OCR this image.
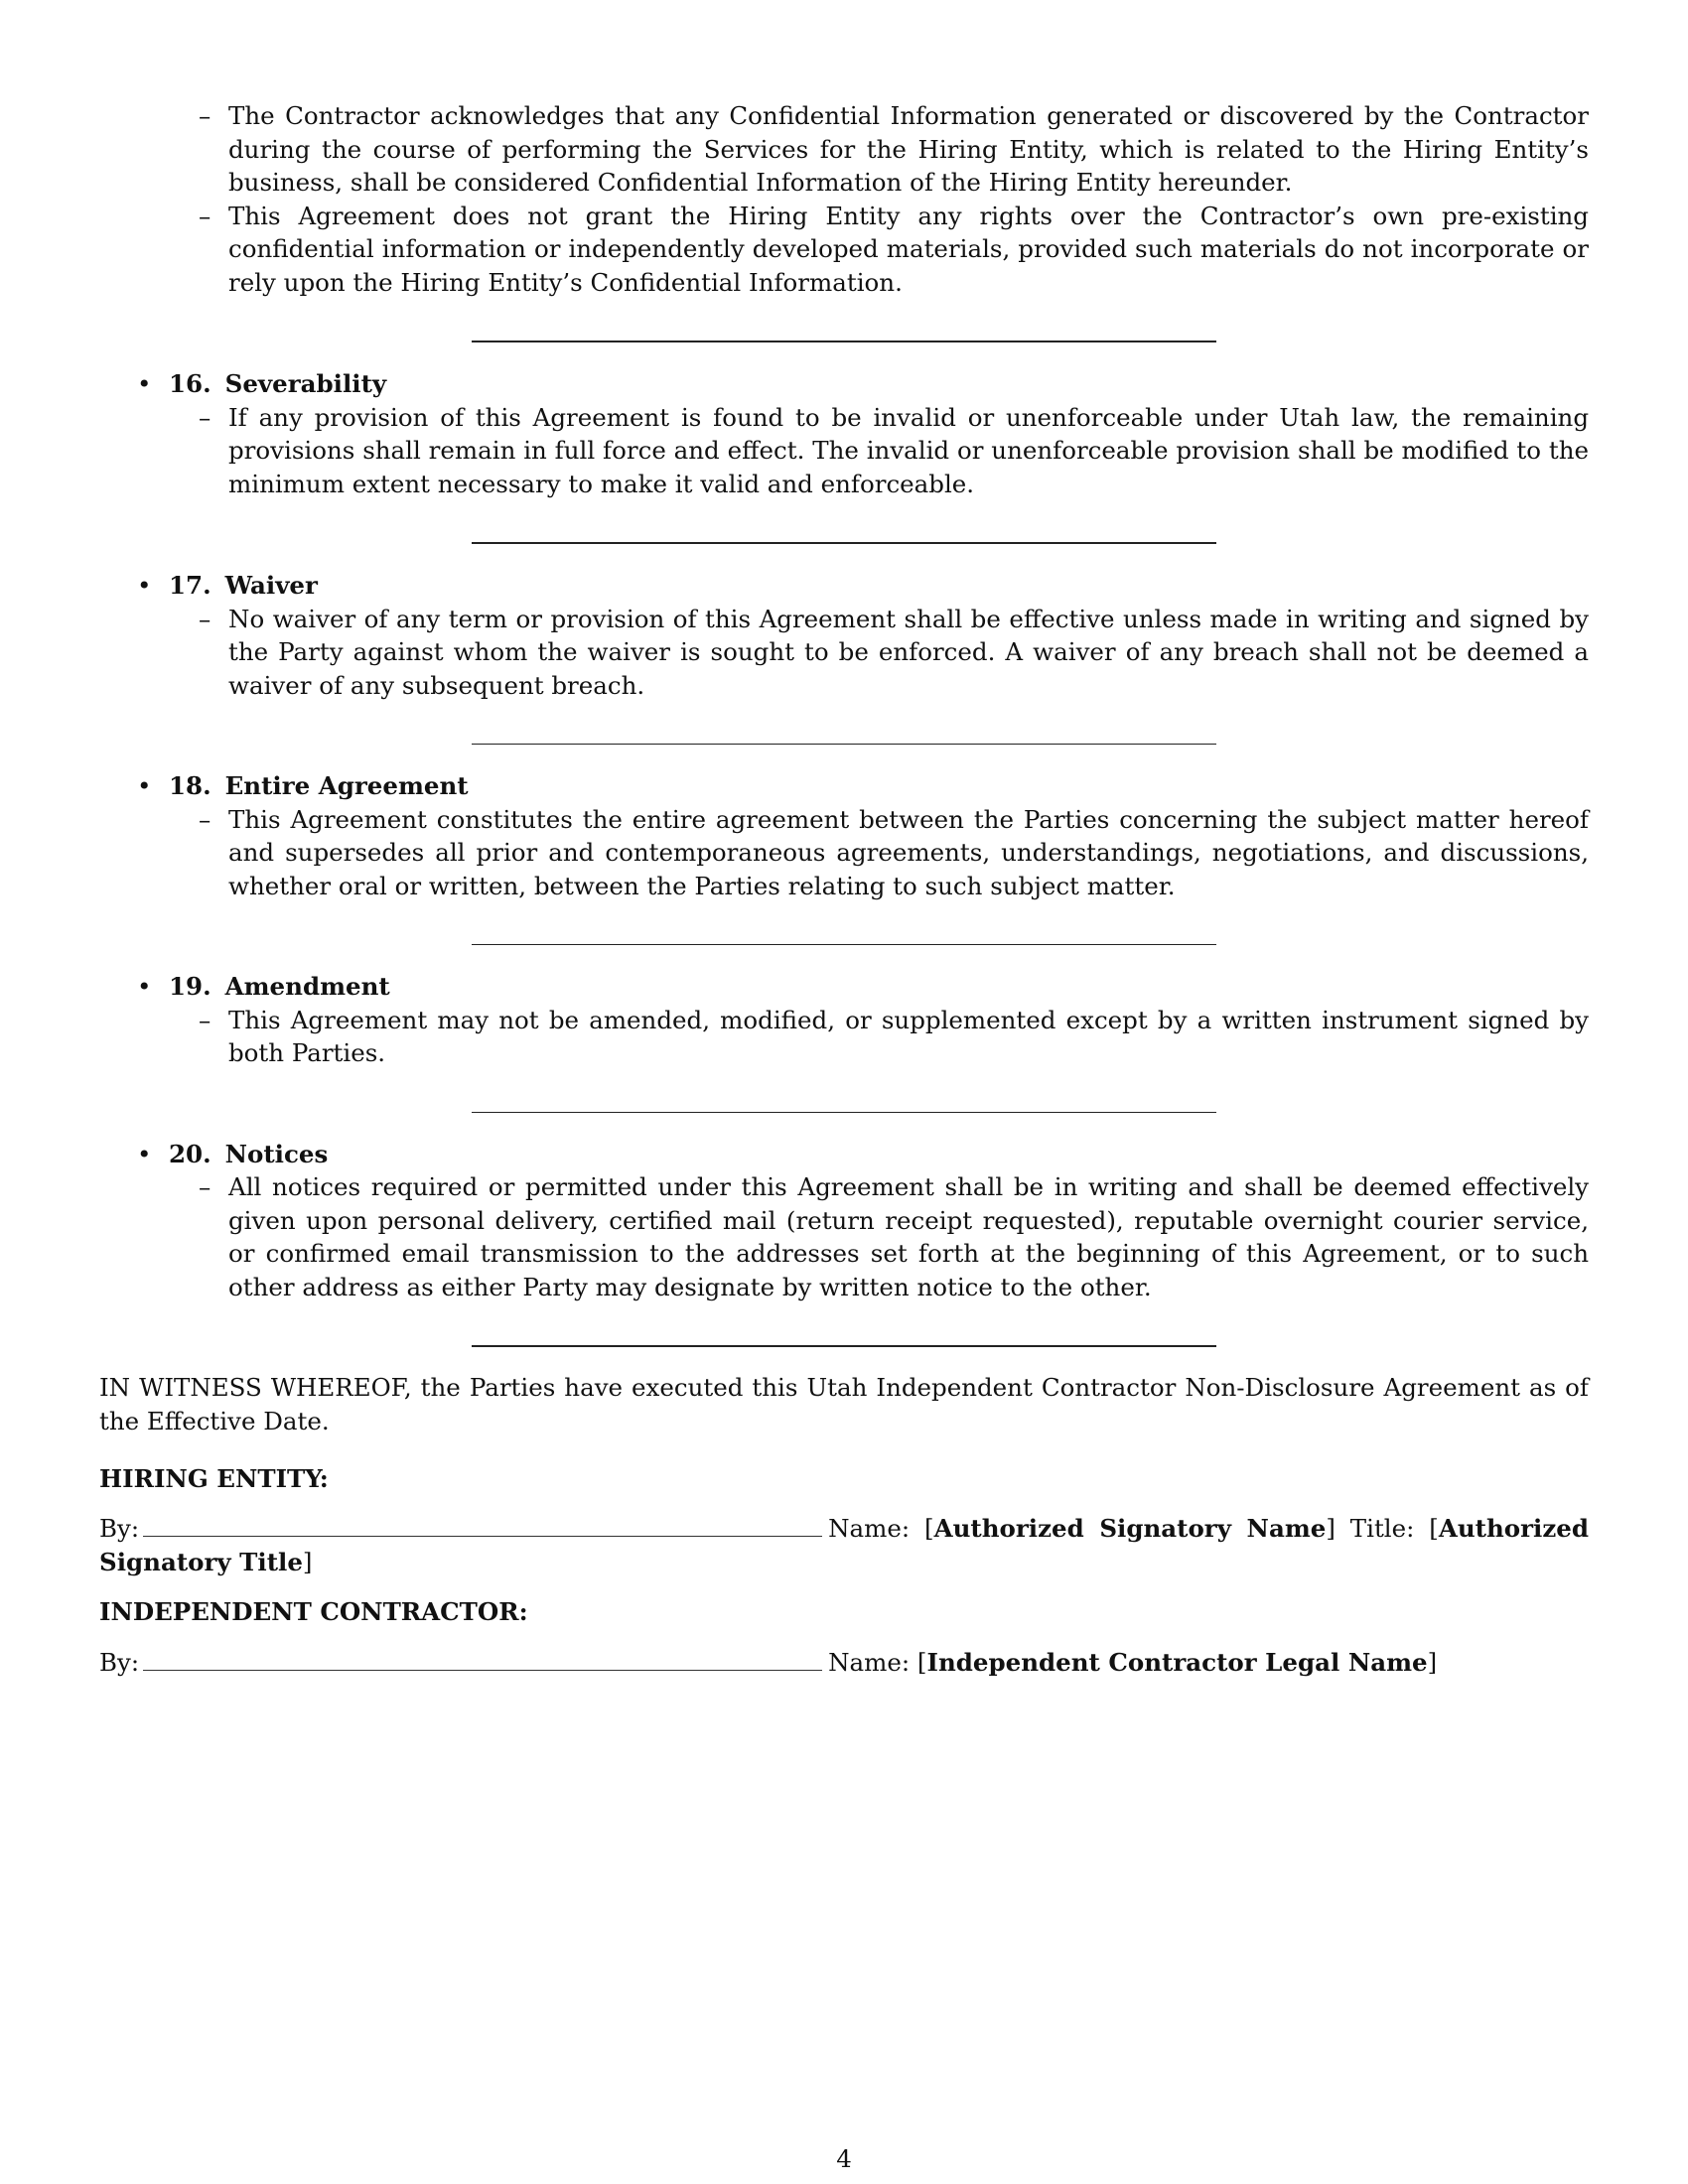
– The Contractor acknowledges that any Confidential Information generated or discovered by the Contractor during the course of performing the Services for the Hiring Entity, which is related to the Hiring Entity’s business, shall be considered Confidential Information of the Hiring Entity hereunder.

– This Agreement does not grant the Hiring Entity any rights over the Contractor’s own pre-existing confidential information or independently developed materials, provided such materials do not incorporate or rely upon the Hiring Entity’s Confidential Information.

• 16. Severability

– If any provision of this Agreement is found to be invalid or unenforceable under Utah law, the remaining provisions shall remain in full force and effect. The invalid or unenforceable provision shall be modified to the minimum extent necessary to make it valid and enforceable.

• 17. Waiver

– No waiver of any term or provision of this Agreement shall be effective unless made in writing and signed by the Party against whom the waiver is sought to be enforced. A waiver of any breach shall not be deemed a waiver of any subsequent breach.

• 18. Entire Agreement

– This Agreement constitutes the entire agreement between the Parties concerning the subject matter hereof and supersedes all prior and contemporaneous agreements, understandings, negotiations, and discussions, whether oral or written, between the Parties relating to such subject matter.

• 19. Amendment

– This Agreement may not be amended, modified, or supplemented except by a written instrument signed by both Parties.

• 20. Notices

– All notices required or permitted under this Agreement shall be in writing and shall be deemed effectively given upon personal delivery, certified mail (return receipt requested), reputable overnight courier service, or confirmed email transmission to the addresses set forth at the beginning of this Agreement, or to such other address as either Party may designate by written notice to the other.

IN WITNESS WHEREOF, the Parties have executed this Utah Independent Contractor Non-Disclosure Agreement as of the Effective Date.

HIRING ENTITY:
By:	Name: [Authorized Signatory Name] Title: [Authorized Signatory Title]
INDEPENDENT CONTRACTOR:
By:	Name: [Independent Contractor Legal Name]
4
